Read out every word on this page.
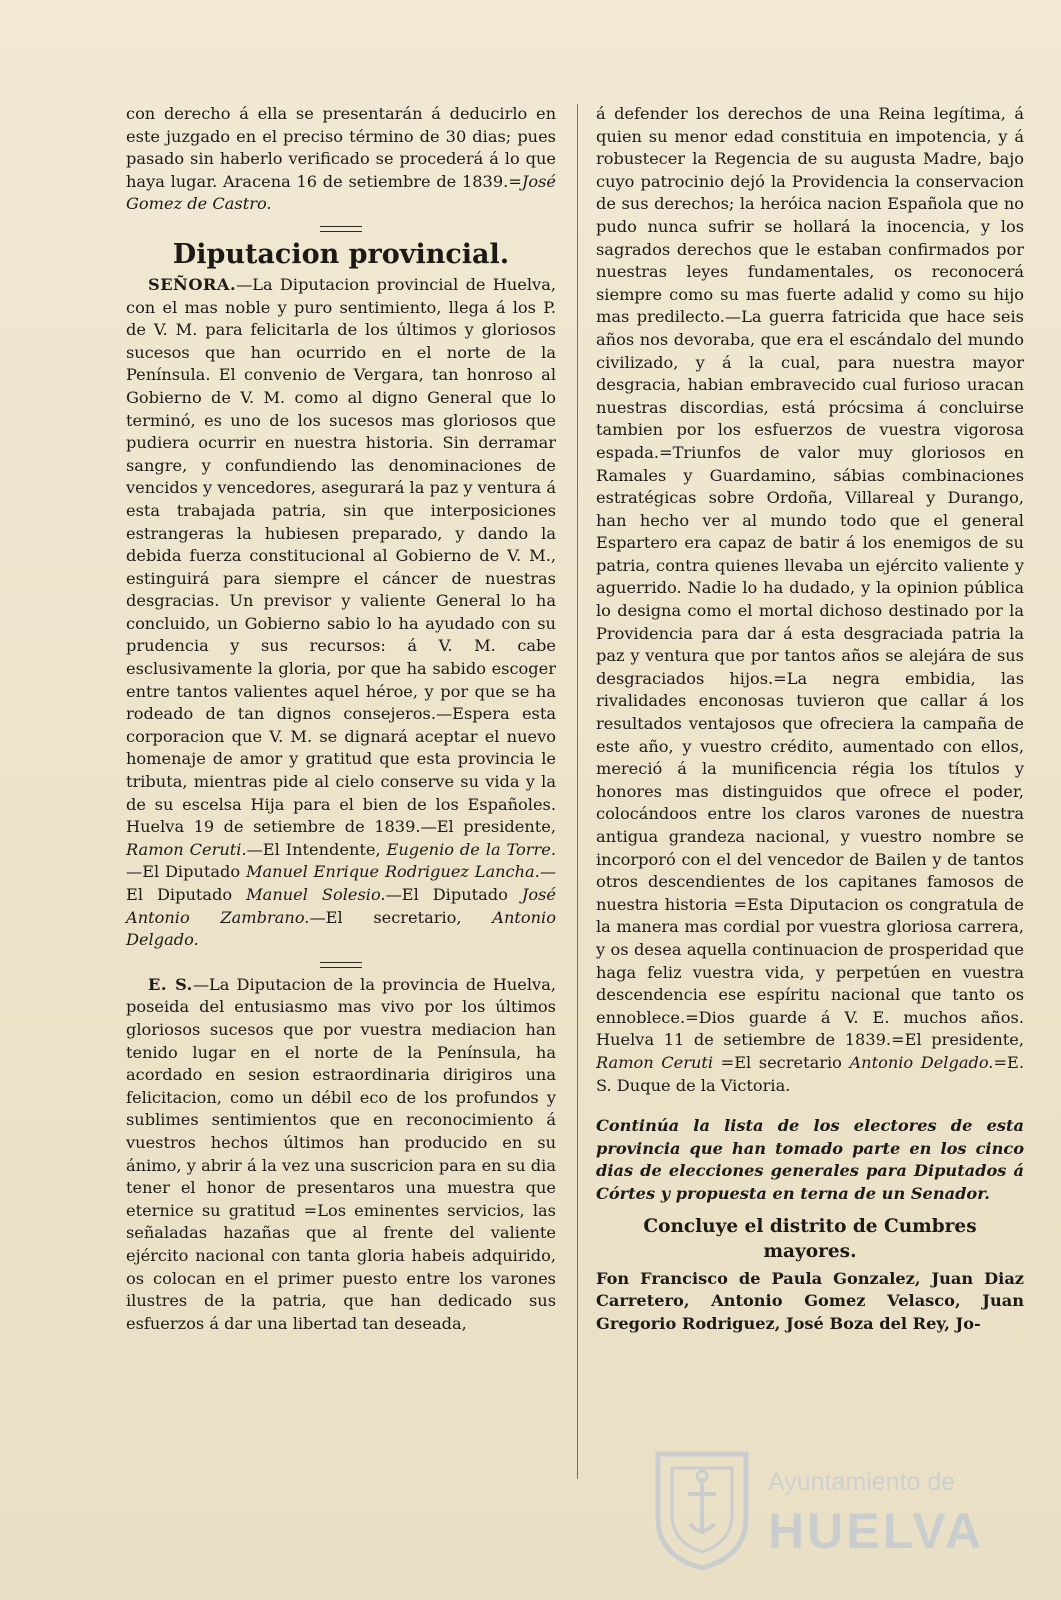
con derecho á ella se presentarán á deducirlo en este juzgado en el preciso término de 30 dias; pues pasado sin haberlo verificado se procederá á lo que haya lugar. Aracena 16 de setiembre de 1839.=José Gomez de Castro.

Diputacion provincial.

SEÑORA.—La Diputacion provincial de Huelva, con el mas noble y puro sentimiento, llega á los P. de V. M. para felicitarla de los últimos y gloriosos sucesos que han ocurrido en el norte de la Península. El convenio de Vergara, tan honroso al Gobierno de V. M. como al digno General que lo terminó, es uno de los sucesos mas gloriosos que pudiera ocurrir en nuestra historia. Sin derramar sangre, y confundiendo las denominaciones de vencidos y vencedores, asegurará la paz y ventura á esta trabajada patria, sin que interposiciones estrangeras la hubiesen preparado, y dando la debida fuerza constitucional al Gobierno de V. M., estinguirá para siempre el cáncer de nuestras desgracias. Un previsor y valiente General lo ha concluido, un Gobierno sabio lo ha ayudado con su prudencia y sus recursos: á V. M. cabe esclusivamente la gloria, por que ha sabido escoger entre tantos valientes aquel héroe, y por que se ha rodeado de tan dignos consejeros.—Espera esta corporacion que V. M. se dignará aceptar el nuevo homenaje de amor y gratitud que esta provincia le tributa, mientras pide al cielo conserve su vida y la de su escelsa Hija para el bien de los Españoles. Huelva 19 de setiembre de 1839.—El presidente, Ramon Ceruti.—El Intendente, Eugenio de la Torre.—El Diputado Manuel Enrique Rodriguez Lancha.—El Diputado Manuel Solesio.—El Diputado José Antonio Zambrano.—El secretario, Antonio Delgado.

E. S.—La Diputacion de la provincia de Huelva, poseida del entusiasmo mas vivo por los últimos gloriosos sucesos que por vuestra mediacion han tenido lugar en el norte de la Península, ha acordado en sesion estraordinaria dirigiros una felicitacion, como un débil eco de los profundos y sublimes sentimientos que en reconocimiento á vuestros hechos últimos han producido en su ánimo, y abrir á la vez una suscricion para en su dia tener el honor de presentaros una muestra que eternice su gratitud =Los eminentes servicios, las señaladas hazañas que al frente del valiente ejército nacional con tanta gloria habeis adquirido, os colocan en el primer puesto entre los varones ilustres de la patria, que han dedicado sus esfuerzos á dar una libertad tan deseada,

á defender los derechos de una Reina legítima, á quien su menor edad constituia en impotencia, y á robustecer la Regencia de su augusta Madre, bajo cuyo patrocinio dejó la Providencia la conservacion de sus derechos; la heróica nacion Española que no pudo nunca sufrir se hollará la inocencia, y los sagrados derechos que le estaban confirmados por nuestras leyes fundamentales, os reconocerá siempre como su mas fuerte adalid y como su hijo mas predilecto.—La guerra fatricida que hace seis años nos devoraba, que era el escándalo del mundo civilizado, y á la cual, para nuestra mayor desgracia, habian embravecido cual furioso uracan nuestras discordias, está prócsima á concluirse tambien por los esfuerzos de vuestra vigorosa espada.=Triunfos de valor muy gloriosos en Ramales y Guardamino, sábias combinaciones estratégicas sobre Ordoña, Villareal y Durango, han hecho ver al mundo todo que el general Espartero era capaz de batir á los enemigos de su patria, contra quienes llevaba un ejército valiente y aguerrido. Nadie lo ha dudado, y la opinion pública lo designa como el mortal dichoso destinado por la Providencia para dar á esta desgraciada patria la paz y ventura que por tantos años se alejára de sus desgraciados hijos.=La negra embidia, las rivalidades enconosas tuvieron que callar á los resultados ventajosos que ofreciera la campaña de este año, y vuestro crédito, aumentado con ellos, mereció á la munificencia régia los títulos y honores mas distinguidos que ofrece el poder, colocándoos entre los claros varones de nuestra antigua grandeza nacional, y vuestro nombre se incorporó con el del vencedor de Bailen y de tantos otros descendientes de los capitanes famosos de nuestra historia =Esta Diputacion os congratula de la manera mas cordial por vuestra gloriosa carrera, y os desea aquella continuacion de prosperidad que haga feliz vuestra vida, y perpetúen en vuestra descendencia ese espíritu nacional que tanto os ennoblece.=Dios guarde á V. E. muchos años. Huelva 11 de setiembre de 1839.=El presidente, Ramon Ceruti =El secretario Antonio Delgado.=E. S. Duque de la Victoria.

Continúa la lista de los electores de esta provincia que han tomado parte en los cinco dias de elecciones generales para Diputados á Córtes y propuesta en terna de un Senador.

Concluye el distrito de Cumbres mayores.

Fon Francisco de Paula Gonzalez, Juan Diaz Carretero, Antonio Gomez Velasco, Juan Gregorio Rodriguez, José Boza del Rey, Jo-

Ayuntamiento de
HUELVA
